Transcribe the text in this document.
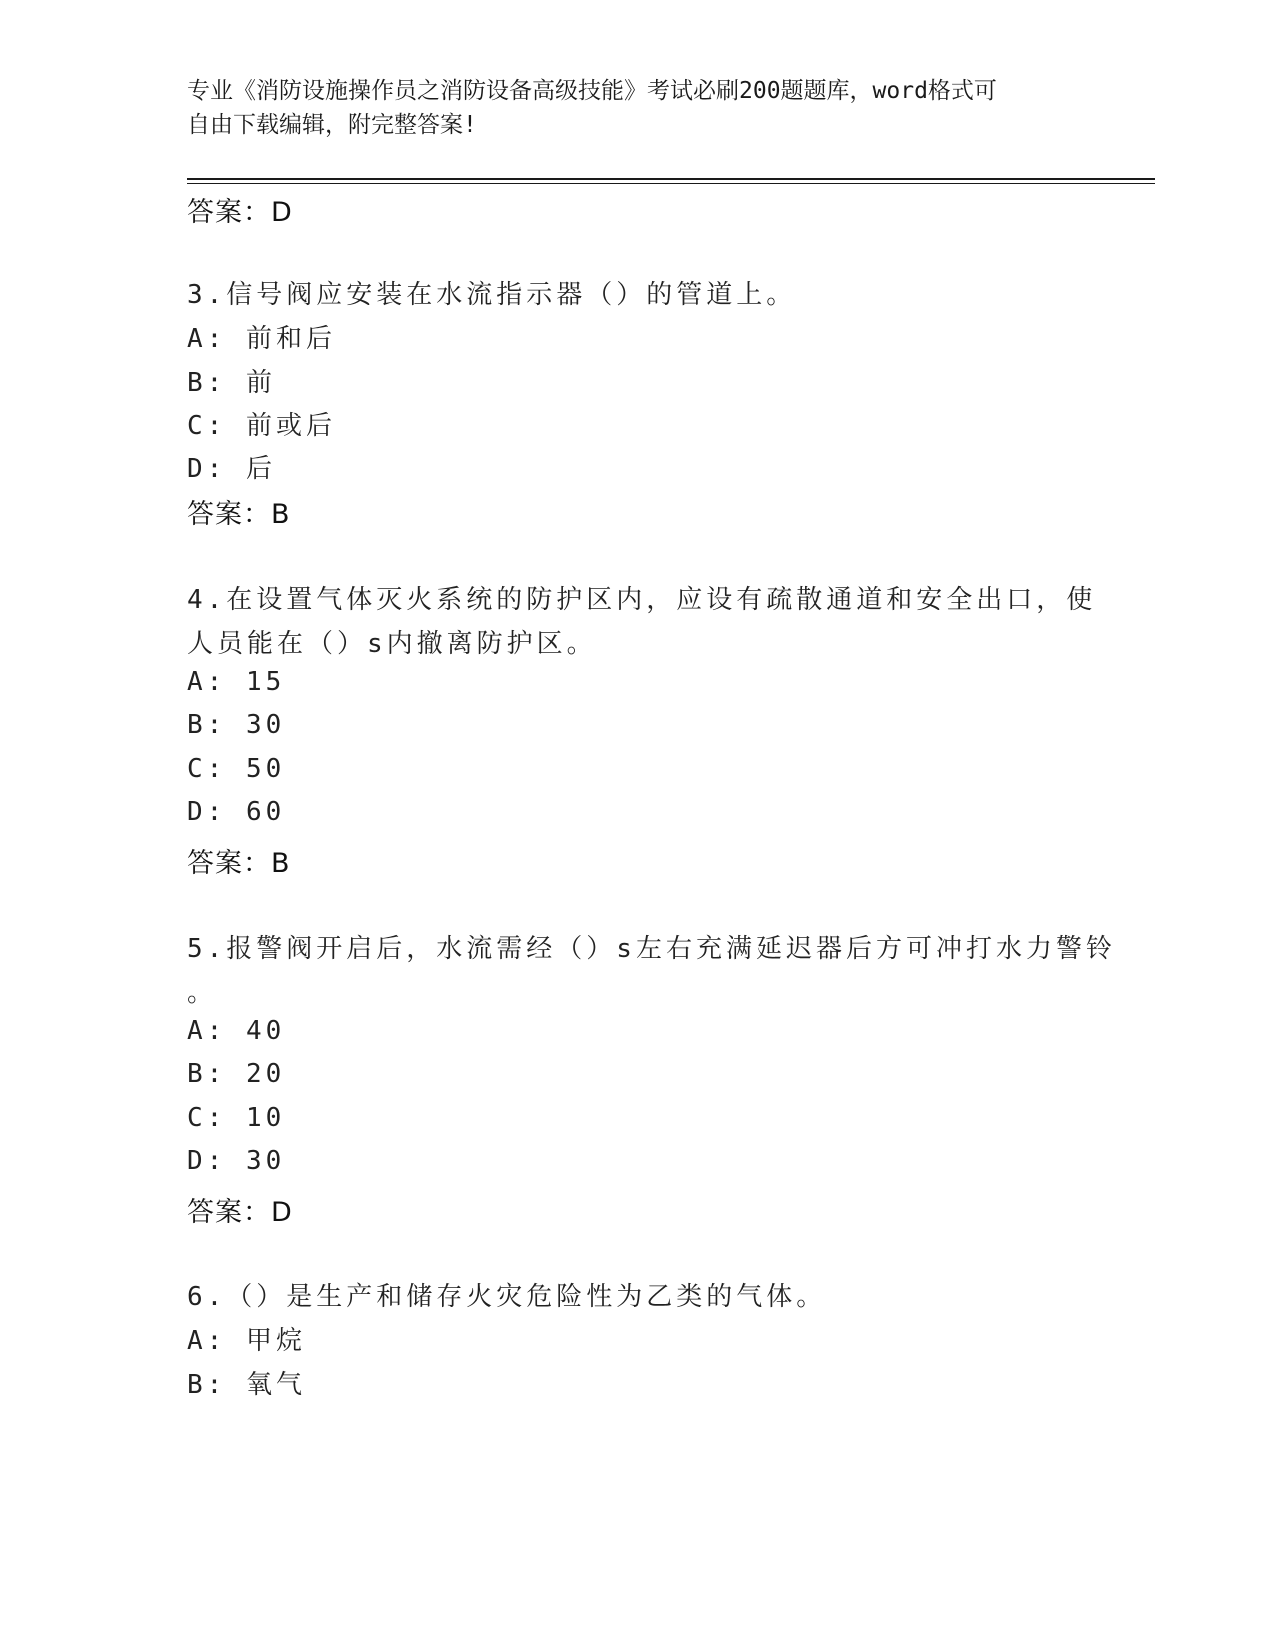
专业《消防设施操作员之消防设备高级技能》考试必刷200题题库，word格式可
自由下载编辑，附完整答案!
答案：D
3.信号阀应安装在水流指示器（）的管道上。
A: 前和后
B: 前
C: 前或后
D: 后
答案：B
4.在设置气体灭火系统的防护区内，应设有疏散通道和安全出口，使
人员能在（）s内撤离防护区。
A: 15
B: 30
C: 50
D: 60
答案：B
5.报警阀开启后，水流需经（）s左右充满延迟器后方可冲打水力警铃
。
A: 40
B: 20
C: 10
D: 30
答案：D
6.（）是生产和储存火灾危险性为乙类的气体。
A: 甲烷
B: 氧气
